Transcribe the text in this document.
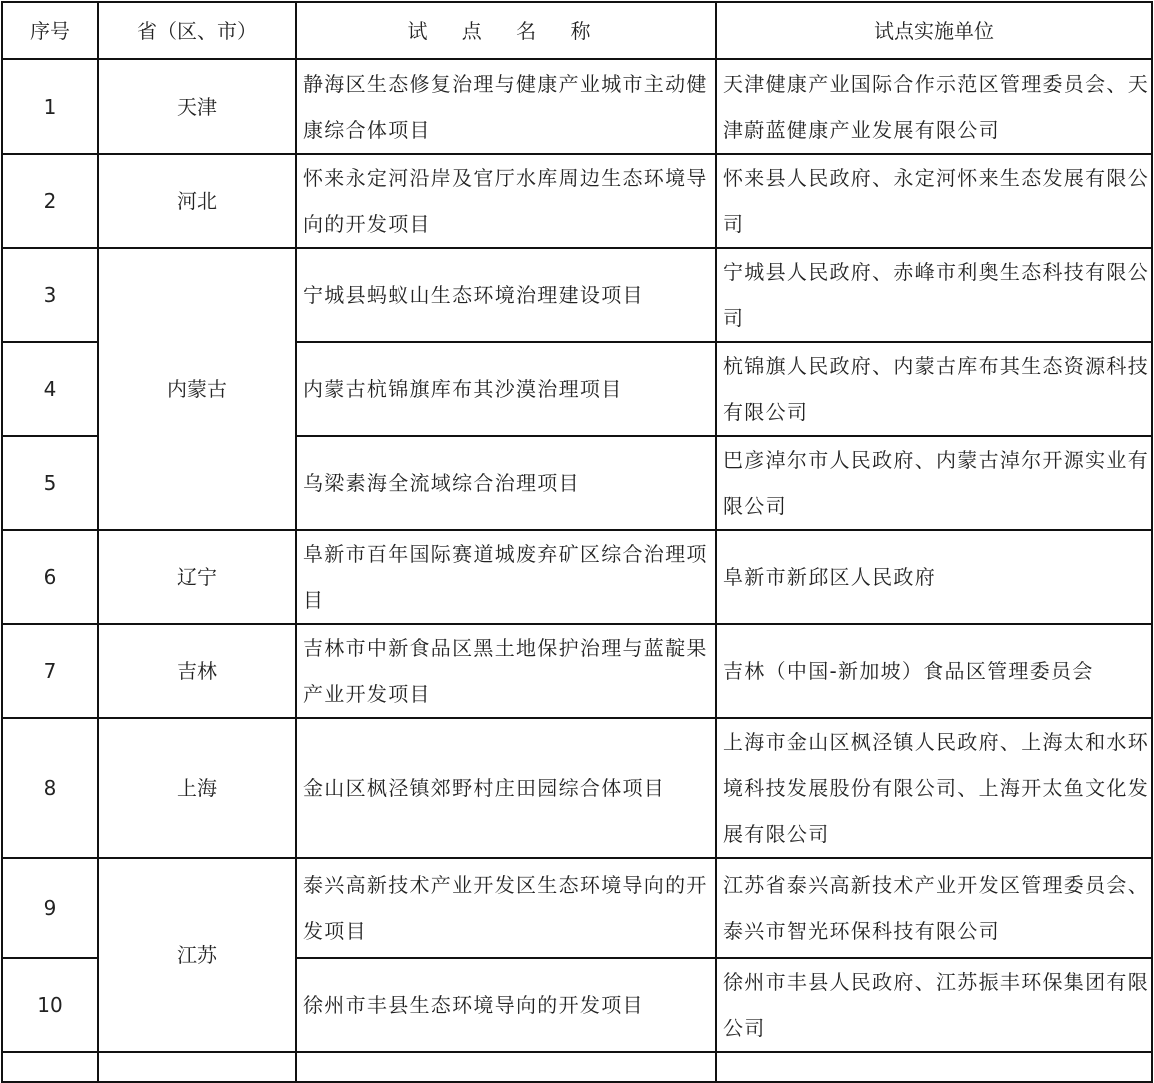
序号	省（区、市）	试 点 名 称	试点实施单位
1	天津	静海区生态修复治理与健康产业城市主动健康综合体项目	天津健康产业国际合作示范区管理委员会、天津蔚蓝健康产业发展有限公司
2	河北	怀来永定河沿岸及官厅水库周边生态环境导向的开发项目	怀来县人民政府、永定河怀来生态发展有限公司
3	内蒙古	宁城县蚂蚁山生态环境治理建设项目	宁城县人民政府、赤峰市利奥生态科技有限公司
4		内蒙古杭锦旗库布其沙漠治理项目	杭锦旗人民政府、内蒙古库布其生态资源科技有限公司
5		乌梁素海全流域综合治理项目	巴彦淖尔市人民政府、内蒙古淖尔开源实业有限公司
6	辽宁	阜新市百年国际赛道城废弃矿区综合治理项目	阜新市新邱区人民政府
7	吉林	吉林市中新食品区黑土地保护治理与蓝靛果产业开发项目	吉林（中国-新加坡）食品区管理委员会
8	上海	金山区枫泾镇郊野村庄田园综合体项目	上海市金山区枫泾镇人民政府、上海太和水环境科技发展股份有限公司、上海开太鱼文化发展有限公司
9	江苏	泰兴高新技术产业开发区生态环境导向的开发项目	江苏省泰兴高新技术产业开发区管理委员会、泰兴市智光环保科技有限公司
10		徐州市丰县生态环境导向的开发项目	徐州市丰县人民政府、江苏振丰环保集团有限公司
